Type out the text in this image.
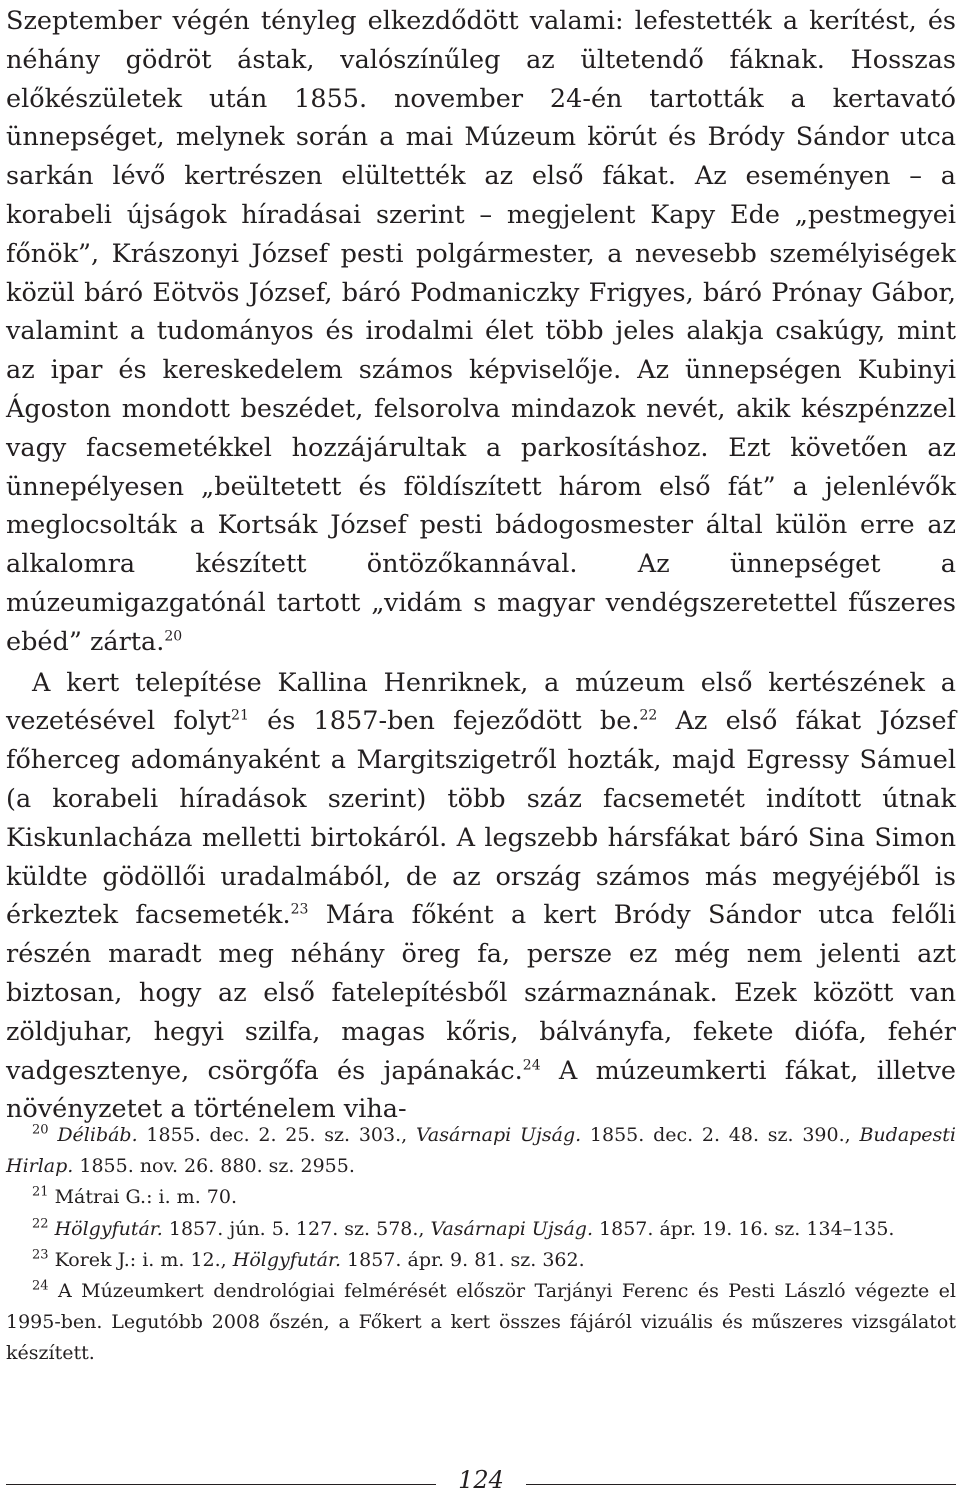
Szeptember végén tényleg elkezdődött valami: lefestették a kerítést, és néhány gödröt ástak, valószínűleg az ültetendő fáknak. Hosszas előkészületek után 1855. november 24-én tartották a kertavató ünnepséget, melynek során a mai Múzeum körút és Bródy Sándor utca sarkán lévő kertrészen elültették az első fákat. Az eseményen – a korabeli újságok híradásai szerint – megjelent Kapy Ede „pestmegyei főnök”, Krászonyi József pesti polgármester, a nevesebb személyiségek közül báró Eötvös József, báró Podmaniczky Frigyes, báró Prónay Gábor, valamint a tudományos és irodalmi élet több jeles alakja csakúgy, mint az ipar és kereskedelem számos képviselője. Az ünnepségen Kubinyi Ágoston mondott beszédet, felsorolva mindazok nevét, akik készpénzzel vagy facsemetékkel hozzájárultak a parkosításhoz. Ezt követően az ünnepélyesen „beültetett és földíszített három első fát” a jelenlévők meglocsolták a Kortsák József pesti bádogosmester által külön erre az alkalomra készített öntözőkannával. Az ünnepséget a múzeumigazgatónál tartott „vidám s magyar vendégszeretettel fűszeres ebéd” zárta.$^{20}$

A kert telepítése Kallina Henriknek, a múzeum első kertészének a vezetésével folyt$^{21}$ és 1857-ben fejeződött be.$^{22}$ Az első fákat József főherceg adományaként a Margitszigetről hozták, majd Egressy Sámuel (a korabeli híradások szerint) több száz facsemetét indított útnak Kiskunlacháza melletti birtokáról. A legszebb hársfákat báró Sina Simon küldte gödöllői uradalmából, de az ország számos más megyéjéből is érkeztek facsemeték.$^{23}$ Mára főként a kert Bródy Sándor utca felőli részén maradt meg néhány öreg fa, persze ez még nem jelenti azt biztosan, hogy az első fatelepítésből származnának. Ezek között van zöldjuhar, hegyi szilfa, magas kőris, bálványfa, fekete diófa, fehér vadgesztenye, csörgőfa és japánakác.$^{24}$ A múzeumkerti fákat, illetve növényzetet a történelem viha-

$^{20}$ Délibáb. 1855. dec. 2. 25. sz. 303., Vasárnapi Ujság. 1855. dec. 2. 48. sz. 390., Budapesti Hirlap. 1855. nov. 26. 880. sz. 2955.

$^{21}$ Mátrai G.: i. m. 70.

$^{22}$ Hölgyfutár. 1857. jún. 5. 127. sz. 578., Vasárnapi Ujság. 1857. ápr. 19. 16. sz. 134–135.

$^{23}$ Korek J.: i. m. 12., Hölgyfutár. 1857. ápr. 9. 81. sz. 362.

$^{24}$ A Múzeumkert dendrológiai felmérését először Tarjányi Ferenc és Pesti László végezte el 1995-ben. Legutóbb 2008 őszén, a Főkert a kert összes fájáról vizuális és műszeres vizsgálatot készített.

124
